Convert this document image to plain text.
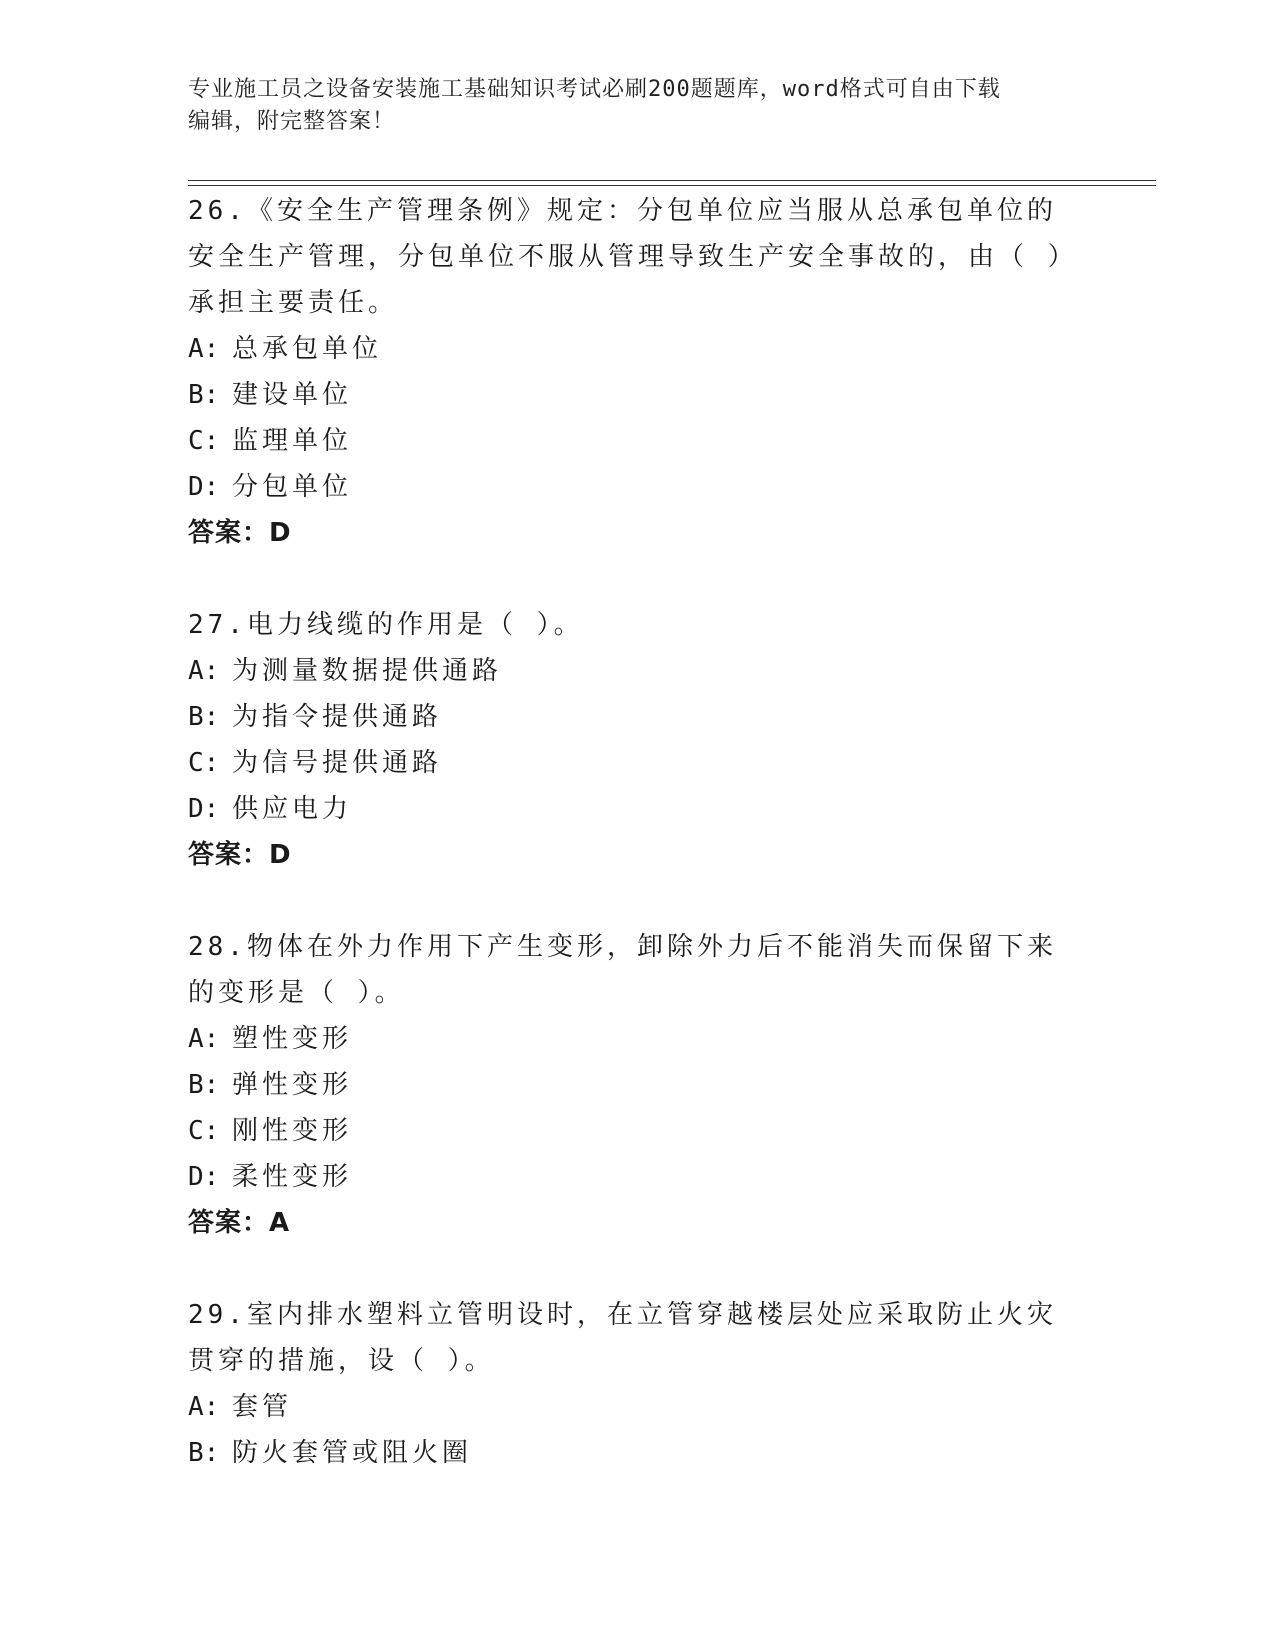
专业施工员之设备安装施工基础知识考试必刷200题题库，word格式可自由下载
编辑，附完整答案！

26.《安全生产管理条例》规定：分包单位应当服从总承包单位的安全生产管理，分包单位不服从管理导致生产安全事故的，由（ ）承担主要责任。

A: 总承包单位
B: 建设单位
C: 监理单位
D: 分包单位
答案：D

27.电力线缆的作用是（ ）。

A: 为测量数据提供通路
B: 为指令提供通路
C: 为信号提供通路
D: 供应电力
答案：D

28.物体在外力作用下产生变形，卸除外力后不能消失而保留下来的变形是（ ）。

A: 塑性变形
B: 弹性变形
C: 刚性变形
D: 柔性变形
答案：A

29.室内排水塑料立管明设时，在立管穿越楼层处应采取防止火灾贯穿的措施，设（ ）。

A: 套管
B: 防火套管或阻火圈
